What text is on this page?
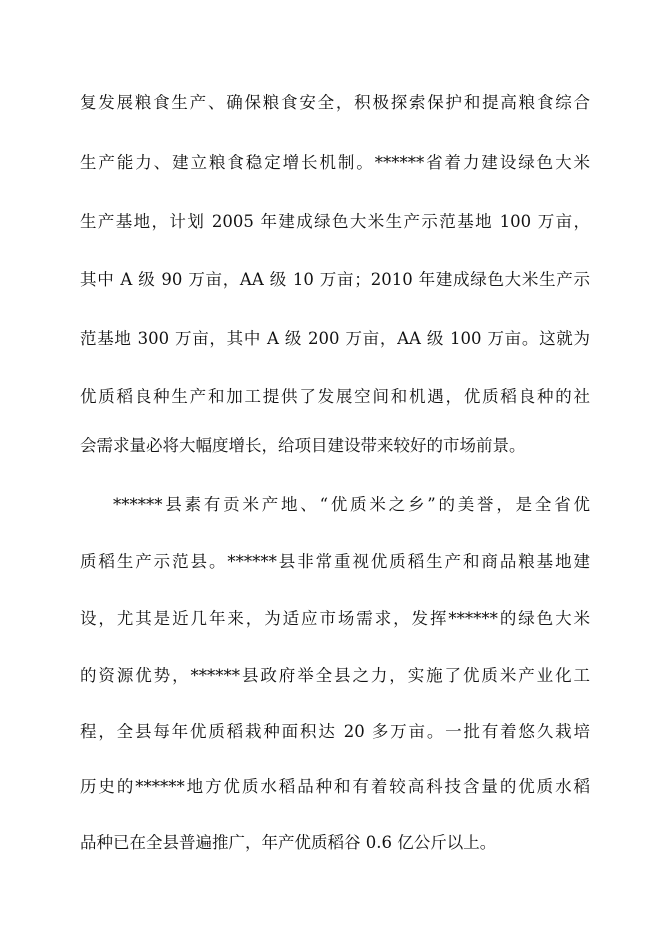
复发展粮食生产、确保粮食安全，积极探索保护和提高粮食综合
生产能力、建立粮食稳定增长机制。******省着力建设绿色大米
生产基地，计划 2005 年建成绿色大米生产示范基地 100 万亩，
其中 A 级 90 万亩，AA 级 10 万亩；2010 年建成绿色大米生产示
范基地 300 万亩，其中 A 级 200 万亩，AA 级 100 万亩。这就为
优质稻良种生产和加工提供了发展空间和机遇，优质稻良种的社
会需求量必将大幅度增长，给项目建设带来较好的市场前景。
******县素有贡米产地、“优质米之乡”的美誉，是全省优
质稻生产示范县。******县非常重视优质稻生产和商品粮基地建
设，尤其是近几年来，为适应市场需求，发挥******的绿色大米
的资源优势，******县政府举全县之力，实施了优质米产业化工
程，全县每年优质稻栽种面积达 20 多万亩。一批有着悠久栽培
历史的******地方优质水稻品种和有着较高科技含量的优质水稻
品种已在全县普遍推广，年产优质稻谷 0.6 亿公斤以上。
